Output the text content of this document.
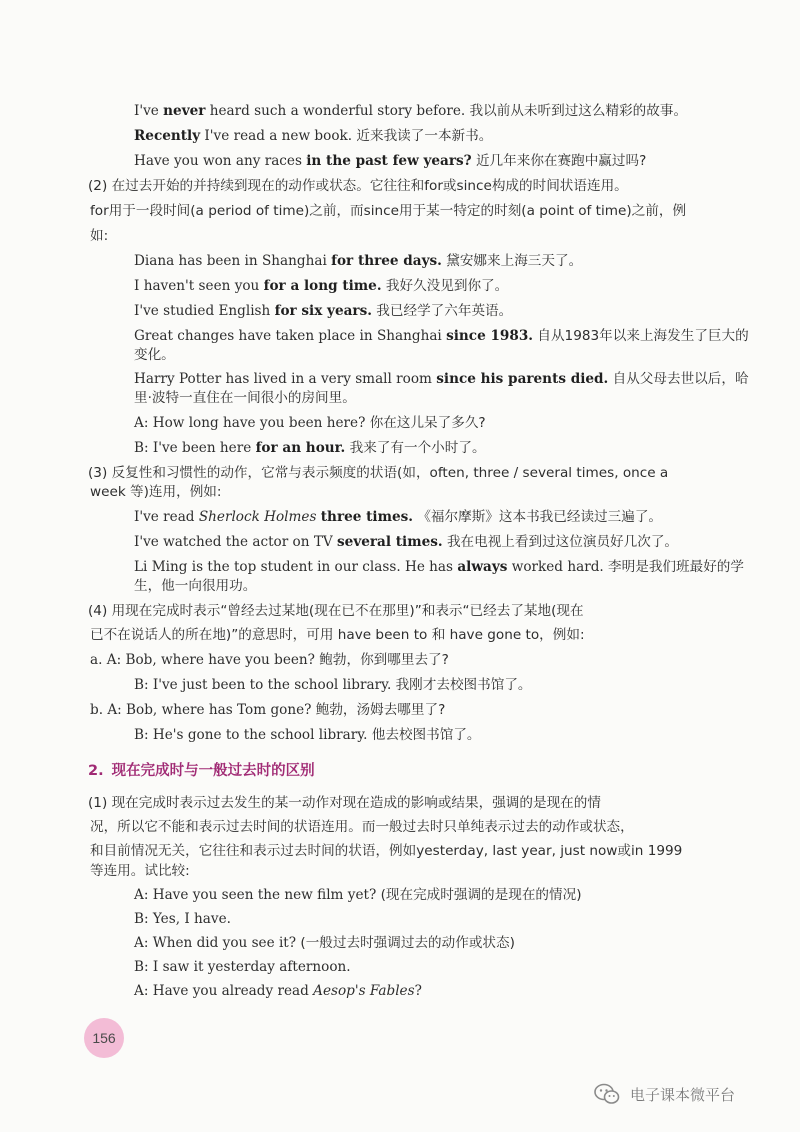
I've never heard such a wonderful story before. 我以前从未听到过这么精彩的故事。
Recently I've read a new book. 近来我读了一本新书。
Have you won any races in the past few years? 近几年来你在赛跑中赢过吗?
(2) 在过去开始的并持续到现在的动作或状态。它往往和for或since构成的时间状语连用。
for用于一段时间(a period of time)之前，而since用于某一特定的时刻(a point of time)之前，例
如:
Diana has been in Shanghai for three days. 黛安娜来上海三天了。
I haven't seen you for a long time. 我好久没见到你了。
I've studied English for six years. 我已经学了六年英语。
Great changes have taken place in Shanghai since 1983. 自从1983年以来上海发生了巨大的
变化。
Harry Potter has lived in a very small room since his parents died. 自从父母去世以后，哈
里·波特一直住在一间很小的房间里。
A: How long have you been here? 你在这儿呆了多久?
B: I've been here for an hour. 我来了有一个小时了。
(3) 反复性和习惯性的动作，它常与表示频度的状语(如，often, three / several times, once a
week 等)连用，例如:
I've read Sherlock Holmes three times. 《福尔摩斯》这本书我已经读过三遍了。
I've watched the actor on TV several times. 我在电视上看到过这位演员好几次了。
Li Ming is the top student in our class. He has always worked hard. 李明是我们班最好的学
生，他一向很用功。
(4) 用现在完成时表示“曾经去过某地(现在已不在那里)”和表示“已经去了某地(现在
已不在说话人的所在地)”的意思时，可用 have been to 和 have gone to，例如:
a. A: Bob, where have you been? 鲍勃，你到哪里去了?
B: I've just been to the school library. 我刚才去校图书馆了。
b. A: Bob, where has Tom gone? 鲍勃，汤姆去哪里了?
B: He's gone to the school library. 他去校图书馆了。
(1) 现在完成时表示过去发生的某一动作对现在造成的影响或结果，强调的是现在的情
况，所以它不能和表示过去时间的状语连用。而一般过去时只单纯表示过去的动作或状态，
和目前情况无关，它往往和表示过去时间的状语，例如yesterday, last year, just now或in 1999
等连用。试比较:
A: Have you seen the new film yet? (现在完成时强调的是现在的情况)
B: Yes, I have.
A: When did you see it? (一般过去时强调过去的动作或状态)
B: I saw it yesterday afternoon.
A: Have you already read Aesop's Fables?
2. 现在完成时与一般过去时的区别
156
电子课本微平台
